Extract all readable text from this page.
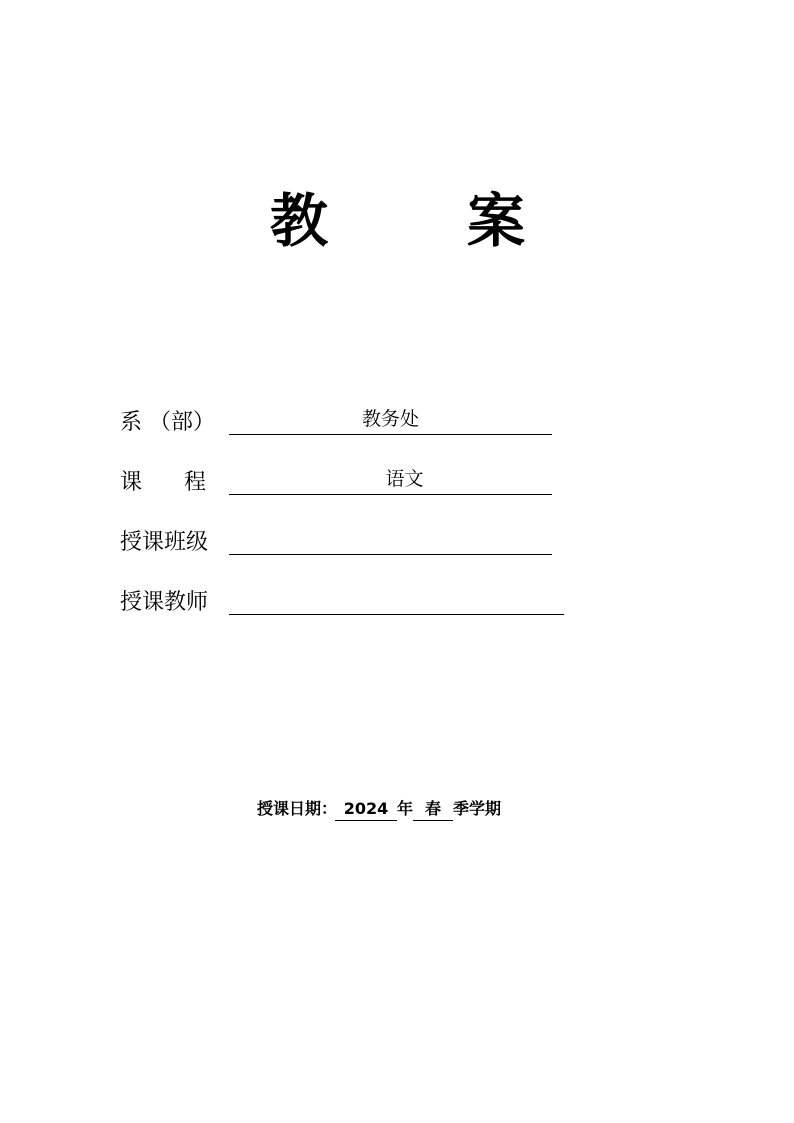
教 案
系 （部）	教务处
课      程	语文
授课班级
授课教师
授课日期： 2024 年 春 季学期
